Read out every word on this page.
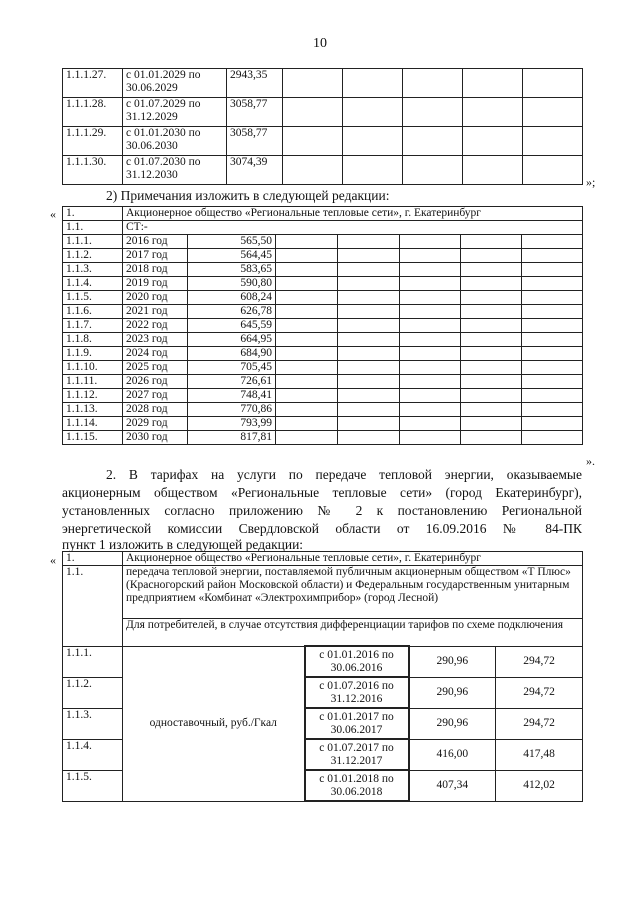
10
1.1.1.27.	с 01.01.2029 по 30.06.2029	2943,35					
1.1.1.28.	с 01.07.2029 по 31.12.2029	3058,77					
1.1.1.29.	с 01.01.2030 по 30.06.2030	3058,77					
1.1.1.30.	с 01.07.2030 по 31.12.2030	3074,39					
»;
2) Примечания изложить в следующей редакции:
« 1.	Акционерное общество «Региональные тепловые сети», г. Екатеринбург						
1.1.	СТ:-						
1.1.1.	2016 год	565,50					
1.1.2.	2017 год	564,45					
1.1.3.	2018 год	583,65					
1.1.4.	2019 год	590,80					
1.1.5.	2020 год	608,24					
1.1.6.	2021 год	626,78					
1.1.7.	2022 год	645,59					
1.1.8.	2023 год	664,95					
1.1.9.	2024 год	684,90					
1.1.10.	2025 год	705,45					
1.1.11.	2026 год	726,61					
1.1.12.	2027 год	748,41					
1.1.13.	2028 год	770,86					
1.1.14.	2029 год	793,99					
1.1.15.	2030 год	817,81					
».
2. В тарифах на услуги по передаче тепловой энергии, оказываемые
акционерным обществом «Региональные тепловые сети» (город Екатеринбург),
установленных согласно приложению № 2 к постановлению Региональной
энергетической комиссии Свердловской области от 16.09.2016 № 84-ПК
пункт 1 изложить в следующей редакции:
« 1.	Акционерное общество «Региональные тепловые сети», г. Екатеринбург			
1.1.	передача тепловой энергии, поставляемой публичным акционерным обществом «Т Плюс» (Красногорский район Московской области) и Федеральным государственным унитарным предприятием «Комбинат «Электрохимприбор» (город Лесной)			
	Для потребителей, в случае отсутствия дифференциации тарифов по схеме подключения			
1.1.1.	одноставочный, руб./Гкал	с 01.01.2016 по 30.06.2016	290,96	294,72
1.1.2.		с 01.07.2016 по 31.12.2016	290,96	294,72
1.1.3.		с 01.01.2017 по 30.06.2017	290,96	294,72
1.1.4.		с 01.07.2017 по 31.12.2017	416,00	417,48
1.1.5.		с 01.01.2018 по 30.06.2018	407,34	412,02
